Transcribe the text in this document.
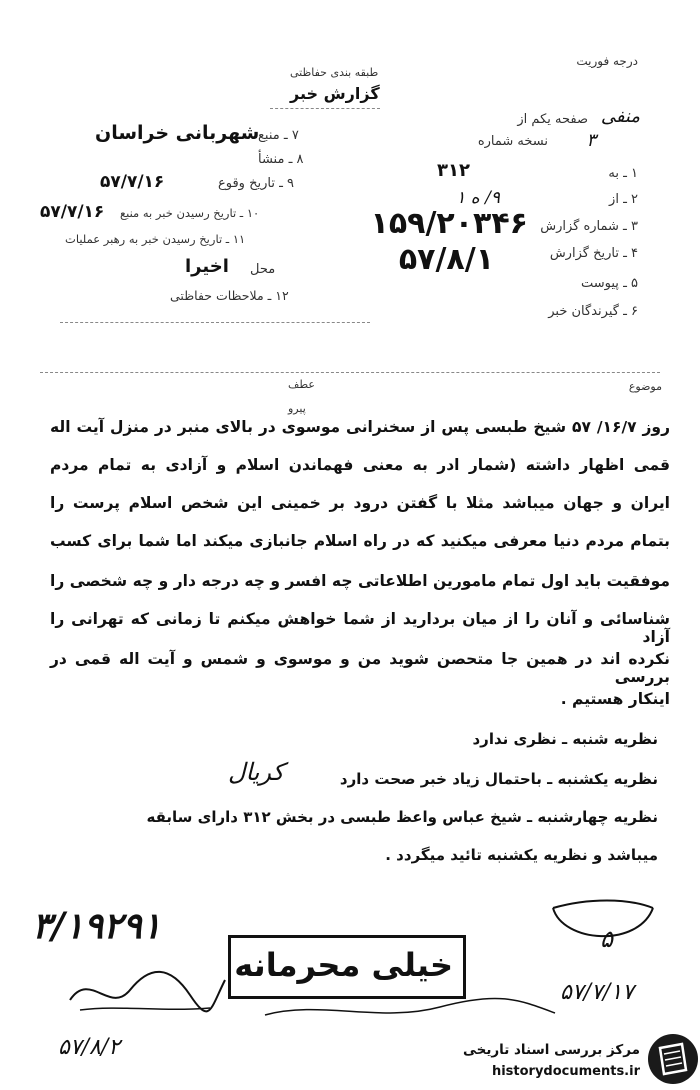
درجه فوریت
طبقه بندی حفاظتی
گزارش خبر
صفحه یکم از منفی
نسخه شماره ۳
۷ ـ منبع
شهربانی خراسان
۸ ـ منشأ
۹ ـ تاریخ وقوع
۵۷/۷/۱۶
۱۰ ـ تاریخ رسیدن خبر به منبع
۵۷/۷/۱۶
۱۱ ـ تاریخ رسیدن خبر به رهبر عملیات
محل
اخیرا
۱۲ ـ ملاحظات حفاظتی
۱ ـ به
۳۱۲
۲ ـ از
۹/ ه ۱
۳ ـ شماره گزارش
۱۵۹/۲۰۳۴۶
۴ ـ تاریخ گزارش
۵۷/۸/۱
۵ ـ پیوست
۶ ـ گیرندگان خبر
عطف	موضوع
پیرو
روز ۱۶/۷/ ۵۷ شیخ طبسی پس از سخنرانی موسوی در بالای منبر در منزل آیت اله
قمی اظهار داشته (شمار ادر به معنی فهماندن اسلام و آزادی به تمام مردم
ایران و جهان میباشد مثلا با گفتن درود بر خمینی این شخص اسلام پرست را
بتمام مردم دنیا معرفی میکنید که در راه اسلام جانبازی میکند اما شما برای کسب
موفقیت باید اول تمام مامورین اطلاعاتی چه افسر و چه درجه دار و چه شخصی را
شناسائی و آنان را از میان بردارید از شما خواهش میکنم تا زمانی که تهرانی را آزاد
نکرده اند در همین جا متحصن شوید من و موسوی و شمس و آیت اله قمی در بررسی
اینکار هستیم .
نظریه شنبه ـ نظری ندارد
نظریه یکشنبه ـ باحتمال زیاد خبر صحت دارد
کریال
نظریه چهارشنبه ـ شیخ عباس واعظ طبسی در بخش ۳۱۲ دارای سابقه
میباشد و نظریه یکشنبه تائید میگردد .
۳/۱۹۲۹۱
خیلی محرمانه
۵
۵۷/۷/۱۷
۵۷/۸/۲	مرکز بررسی اسناد تاریخی
historydocuments.ir
